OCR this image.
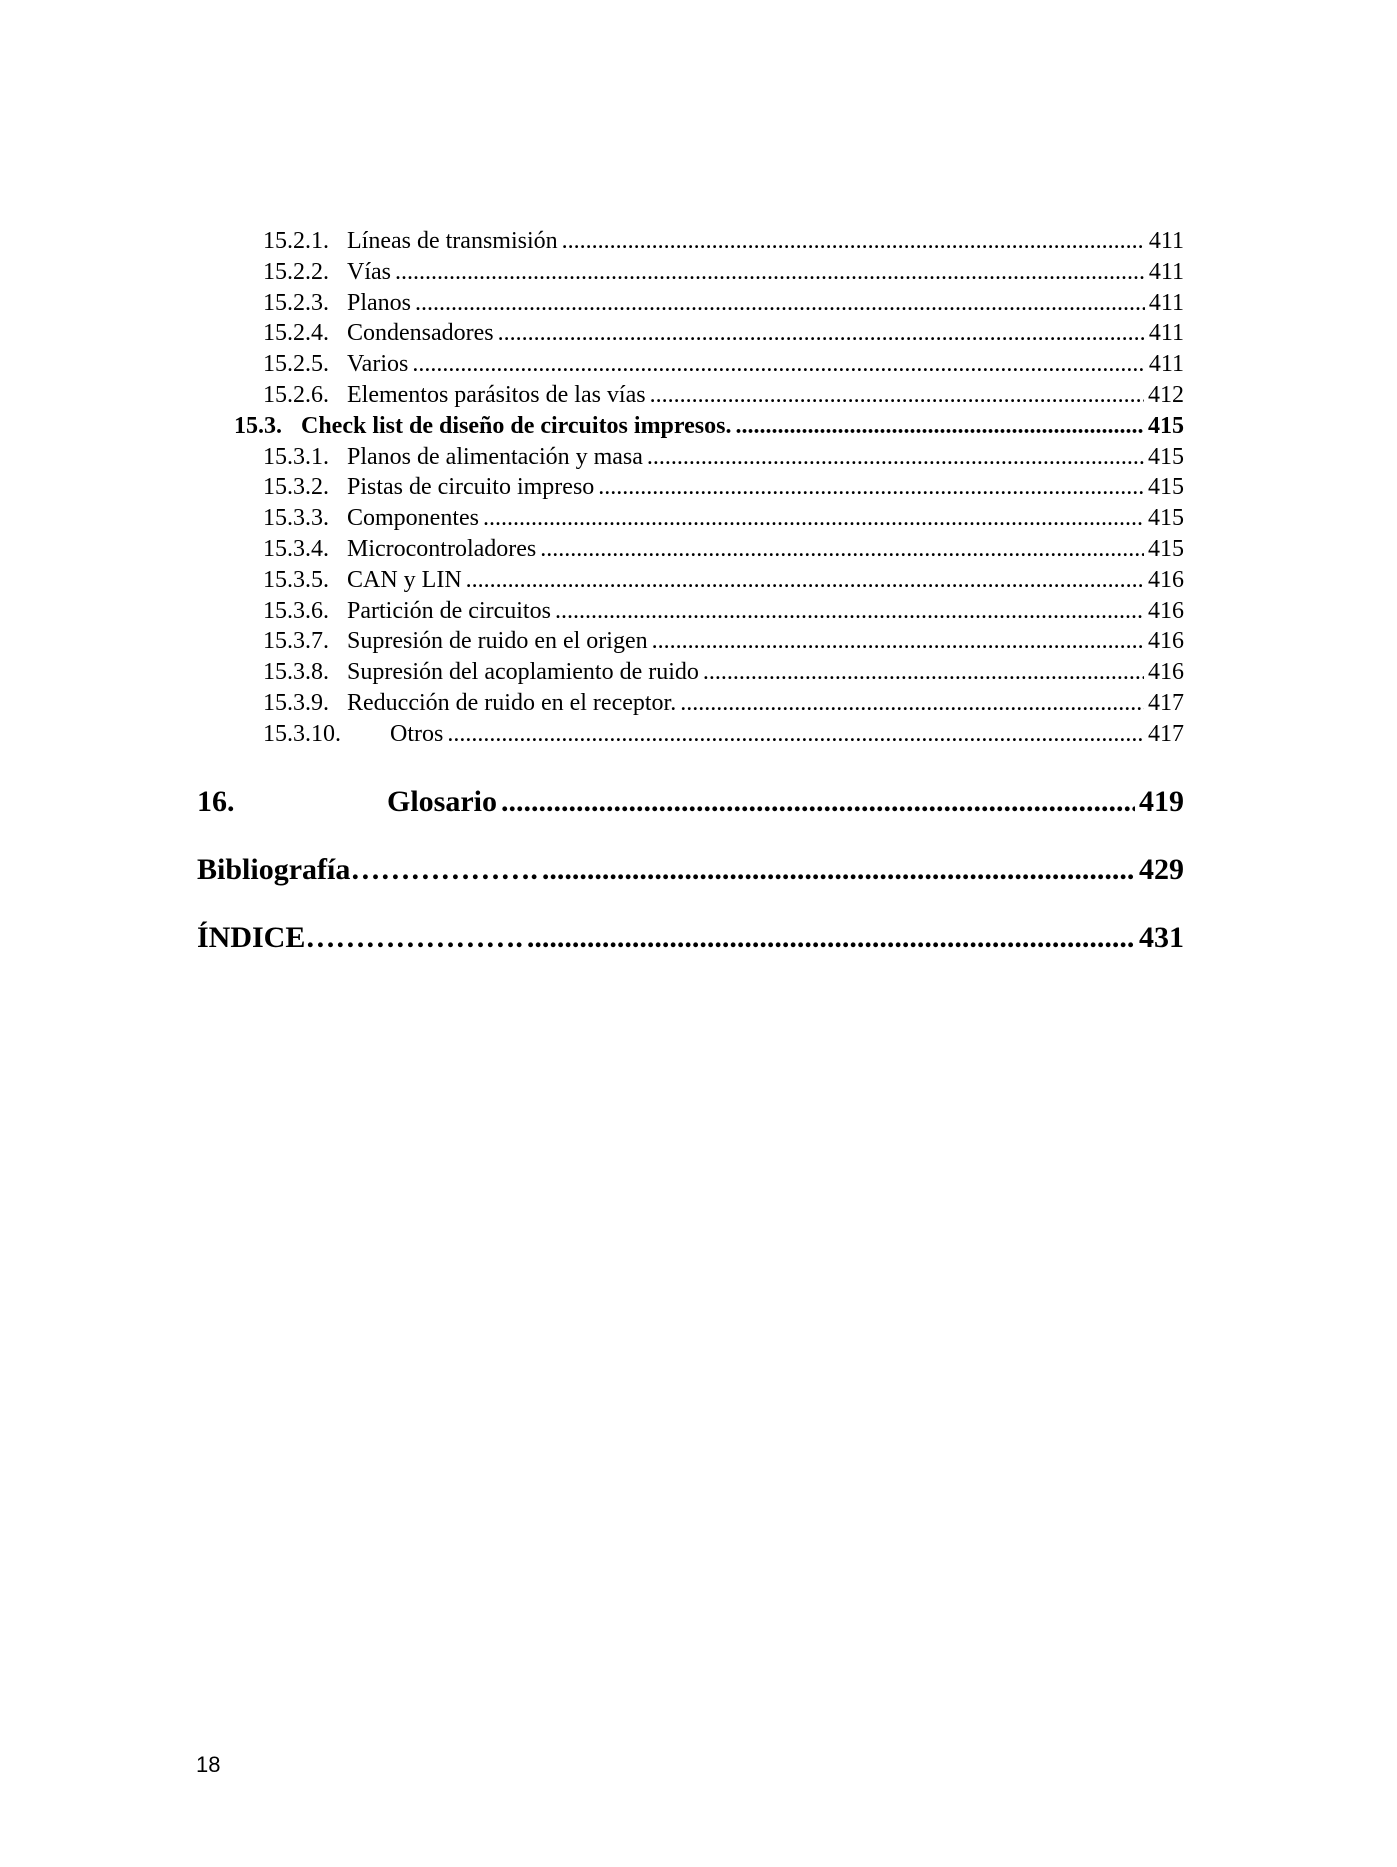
15.2.1. Líneas de transmisión .....	411
15.2.2. Vías .....	411
15.2.3. Planos .....	411
15.2.4. Condensadores .....	411
15.2.5. Varios .....	411
15.2.6. Elementos parásitos de las vías .....	412
15.3. Check list de diseño de circuitos impresos. .....	415
15.3.1. Planos de alimentación y masa .....	415
15.3.2. Pistas de circuito impreso .....	415
15.3.3. Componentes .....	415
15.3.4. Microcontroladores .....	415
15.3.5. CAN y LIN .....	416
15.3.6. Partición de circuitos .....	416
15.3.7. Supresión de ruido en el origen .....	416
15.3.8. Supresión del acoplamiento de ruido .....	416
15.3.9. Reducción de ruido en el receptor. .....	417
15.3.10.	Otros .....	417
16.	Glosario .....	419
Bibliografía ………………. .....	429
ÍNDICE …………………. .....	431
18
